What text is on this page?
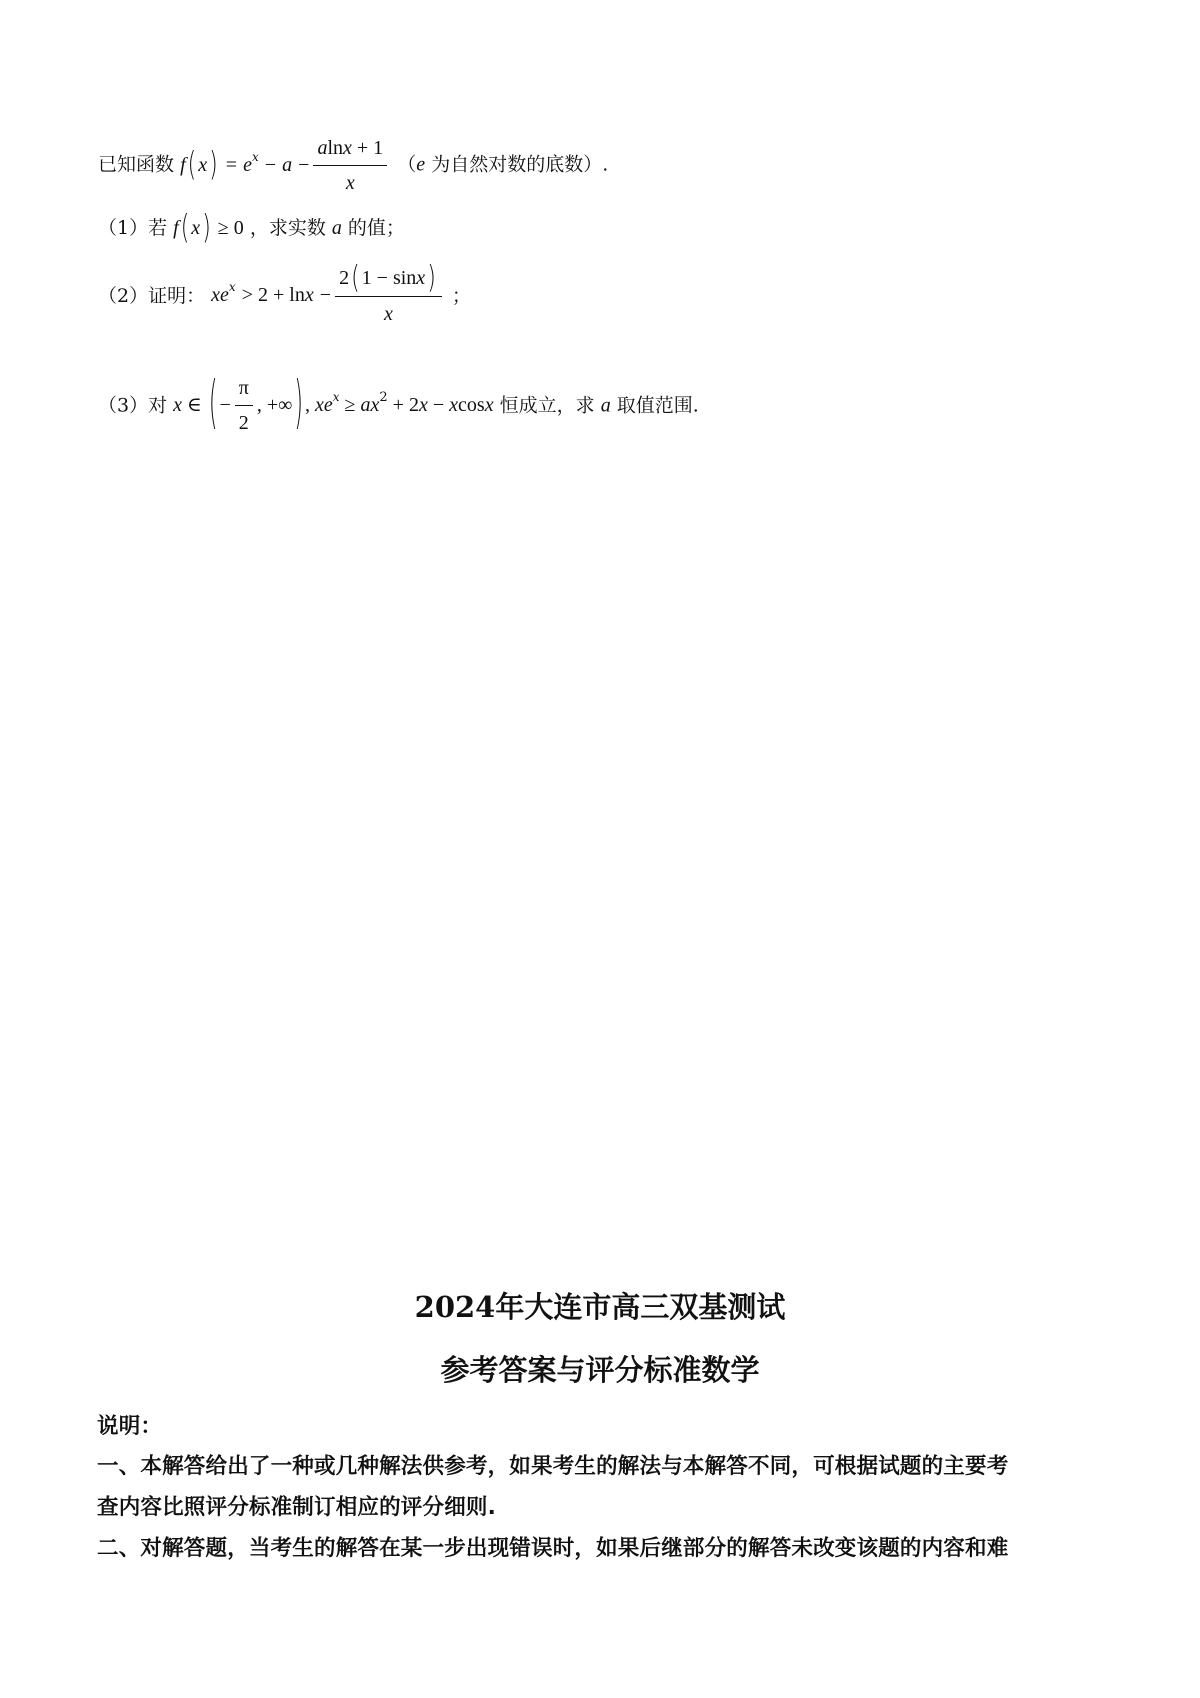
已知函数 f( $x) = e^x - a - \frac{alnx + 1}{x} (e$ 为自然对数的底数）.
（1）若 f( x) ≥ 0 ，求实数 a 的值；
（2）证明： $xe^x > 2 + \ln x - \frac{2( 1 - \sin x)}{x}$ ；
（3）对 x ∈ ( − $\frac{\pi}{2}$ , +∞) , $xe^x \ge ax^2 + 2x - xcosx$ 恒成立，求 a 取值范围.
2024年大连市高三双基测试
参考答案与评分标准数学
说明：
一、本解答给出了一种或几种解法供参考，如果考生的解法与本解答不同，可根据试题的主要考
查内容比照评分标准制订相应的评分细则.
二、对解答题，当考生的解答在某一步出现错误时，如果后继部分的解答未改变该题的内容和难
